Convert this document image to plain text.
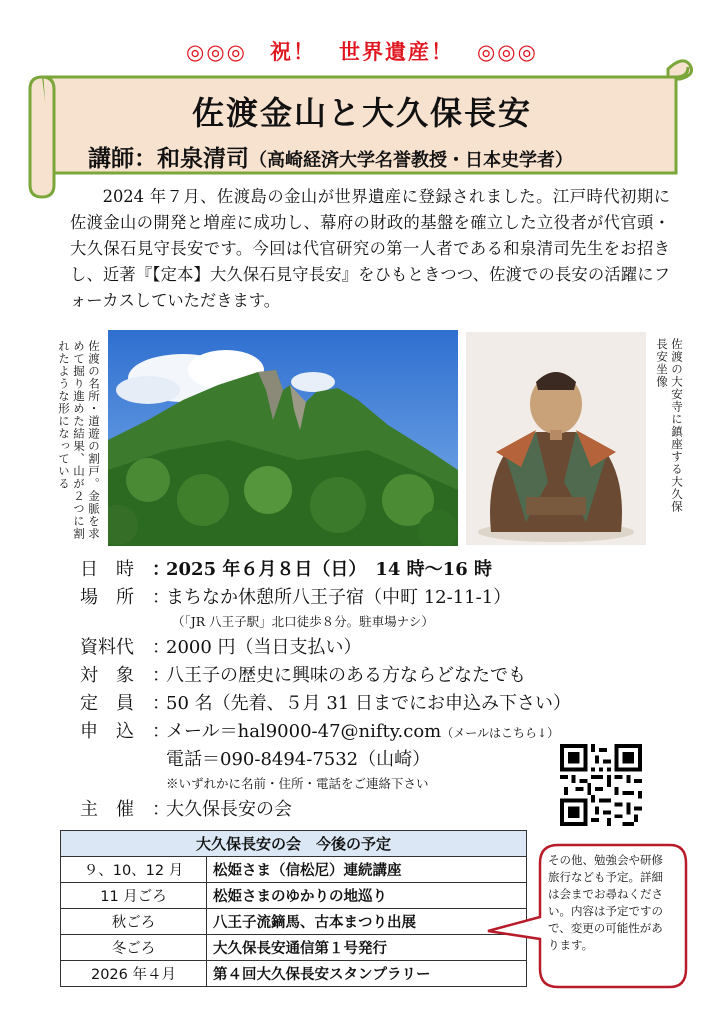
◎◎◎　祝！　世界遺産！　◎◎◎
佐渡金山と大久保長安
講師：和泉清司（高崎経済大学名誉教授・日本史学者）

2024 年７月、佐渡島の金山が世界遺産に登録されました。江戸時代初期に佐渡金山の開発と増産に成功し、幕府の財政的基盤を確立した立役者が代官頭・大久保石見守長安です。今回は代官研究の第一人者である和泉清司先生をお招きし、近著『【定本】大久保石見守長安』をひもときつつ、佐渡での長安の活躍にフォーカスしていただきます。

佐渡の名所・道遊の割戸。金脈を求めて掘り進めた結果、山が２つに割れたような形になっている	佐渡の大安寺に鎮座する大久保長安坐像
日　時	：
2025 年６月８日（日）　14 時〜16 時
場　所	：
まちなか休憩所八王子宿（中町 12-11-1）
（「JR 八王子駅」北口徒歩８分。駐車場ナシ）
資料代	：
2000 円（当日支払い）
対　象	：
八王子の歴史に興味のある方ならどなたでも
定　員	：
50 名（先着、５月 31 日までにお申込み下さい）
申　込	：
メール＝hal9000-47@nifty.com（メールはこちら↓）
電話＝090-8494-7532（山崎）
※いずれかに名前・住所・電話をご連絡下さい
主　催	：
大久保長安の会
大久保長安の会　今後の予定	
９、10、12 月	松姫さま（信松尼）連続講座
11 月ごろ	松姫さまのゆかりの地巡り
秋ごろ	八王子流鏑馬、古本まつり出展
冬ごろ	大久保長安通信第１号発行
2026 年４月	第４回大久保長安スタンプラリー
その他、勉強会や研修旅行なども予定。詳細は会までお尋ねください。内容は予定ですので、変更の可能性があります。
